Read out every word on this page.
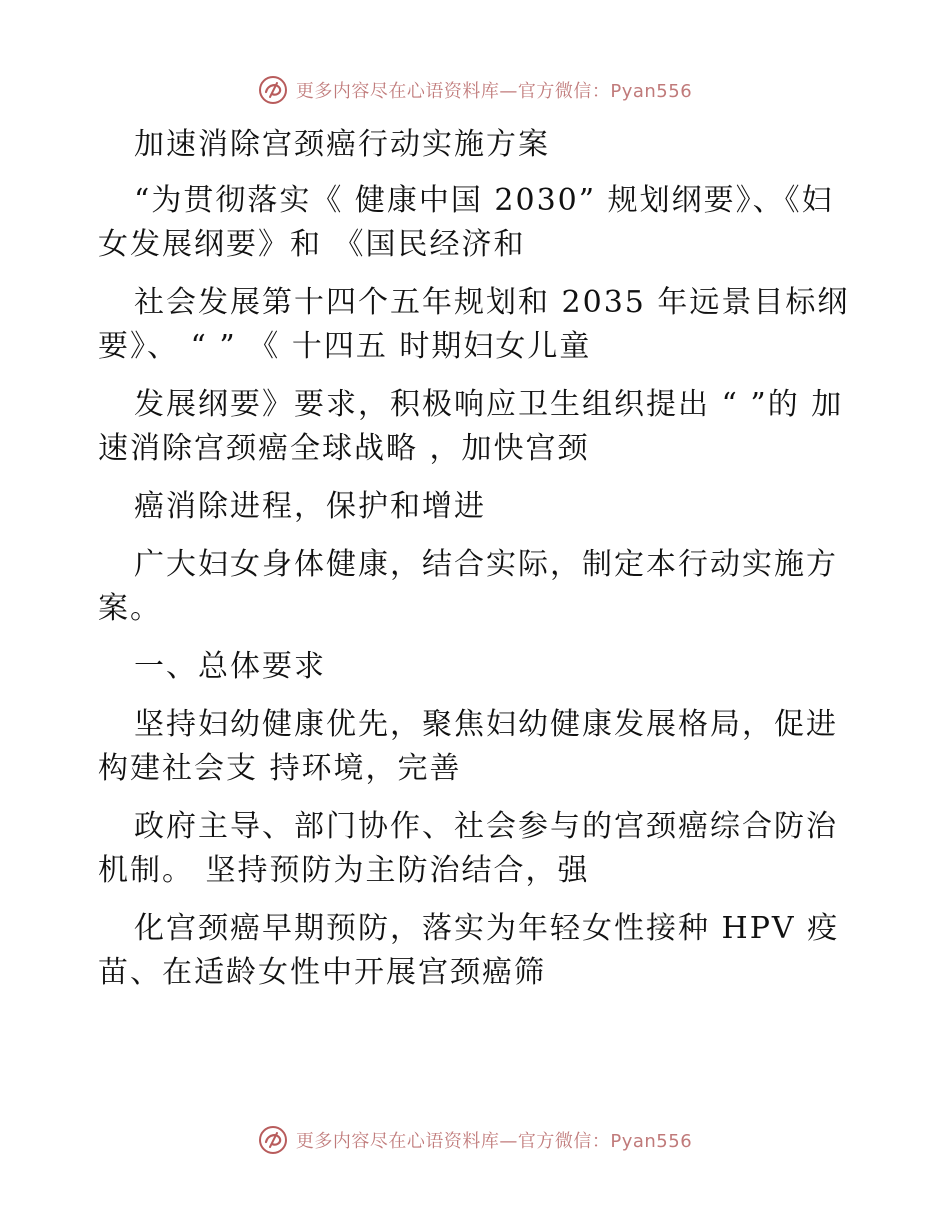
更多内容尽在心语资料库—官方微信：Pyan556

加速消除宫颈癌行动实施方案

“为贯彻落实《 健康中国 2030” 规划纲要》、《妇女发展纲要》和 《国民经济和

社会发展第十四个五年规划和 2035 年远景目标纲要》、 “ ” 《 十四五 时期妇女儿童

发展纲要》要求，积极响应卫生组织提出 “ ”的 加速消除宫颈癌全球战略 ，加快宫颈

癌消除进程，保护和增进

广大妇女身体健康，结合实际，制定本行动实施方案。

一、总体要求

坚持妇幼健康优先，聚焦妇幼健康发展格局，促进构建社会支 持环境，完善

政府主导、部门协作、社会参与的宫颈癌综合防治机制。 坚持预防为主防治结合，强

化宫颈癌早期预防，落实为年轻女性接种 HPV 疫苗、在适龄女性中开展宫颈癌筛

更多内容尽在心语资料库—官方微信：Pyan556
